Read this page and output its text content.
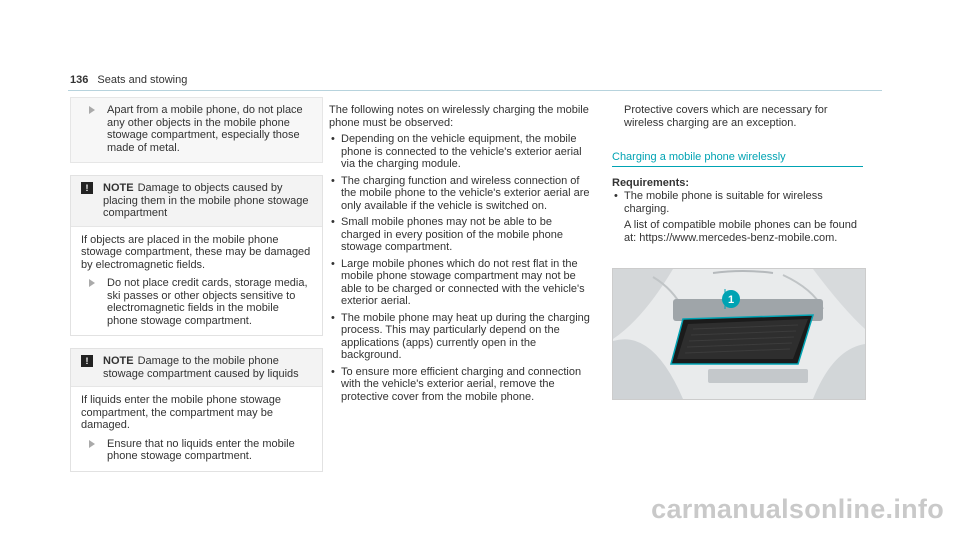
136 Seats and stowing

Apart from a mobile phone, do not place any other objects in the mobile phone stowage compartment, especially those made of metal.

!	NOTE Damage to objects caused by placing them in the mobile phone stowage compartment

If objects are placed in the mobile phone stowage compartment, these may be damaged by electromagnetic fields.

Do not place credit cards, storage media, ski passes or other objects sensitive to electromagnetic fields in the mobile phone stowage compartment.

!	NOTE Damage to the mobile phone stowage compartment caused by liquids

If liquids enter the mobile phone stowage compartment, the compartment may be damaged.

Ensure that no liquids enter the mobile phone stowage compartment.

The following notes on wirelessly charging the mobile phone must be observed:

•

Depending on the vehicle equipment, the mobile phone is connected to the vehicle's exterior aerial via the charging module.

•

The charging function and wireless connection of the mobile phone to the vehicle's exterior aerial are only available if the vehicle is switched on.

•

Small mobile phones may not be able to be charged in every position of the mobile phone stowage compartment.

•

Large mobile phones which do not rest flat in the mobile phone stowage compartment may not be able to be charged or connected with the vehicle's exterior aerial.

•

The mobile phone may heat up during the charging process. This may particularly depend on the applications (apps) currently open in the background.

•

To ensure more efficient charging and connection with the vehicle's exterior aerial, remove the protective cover from the mobile phone.

Protective covers which are necessary for wireless charging are an exception.

Charging a mobile phone wirelessly

Requirements:

•

The mobile phone is suitable for wireless charging.

A list of compatible mobile phones can be found at: https://www.mercedes-benz-mobile.com.

1
carmanualsonline.info
